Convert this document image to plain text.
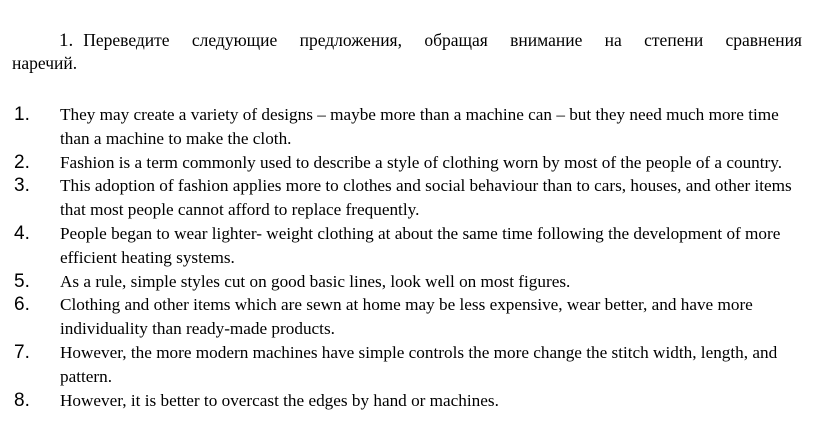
1. Переведите следующие предложения, обращая внимание на степени сравнения
наречий.
1. They may create a variety of designs – maybe more than a machine can – but they need much more time than a machine to make the cloth.
2. Fashion is a term commonly used to describe a style of clothing worn by most of the people of a country.
3. This adoption of fashion applies more to clothes and social behaviour than to cars, houses, and other items that most people cannot afford to replace frequently.
4. People began to wear lighter- weight clothing at about the same time following the development of more efficient heating systems.
5. As a rule, simple styles cut on good basic lines, look well on most figures.
6. Clothing and other items which are sewn at home may be less expensive, wear better, and have more individuality than ready-made products.
7. However, the more modern machines have simple controls the more change the stitch width, length, and pattern.
8. However, it is better to overcast the edges by hand or machines.
